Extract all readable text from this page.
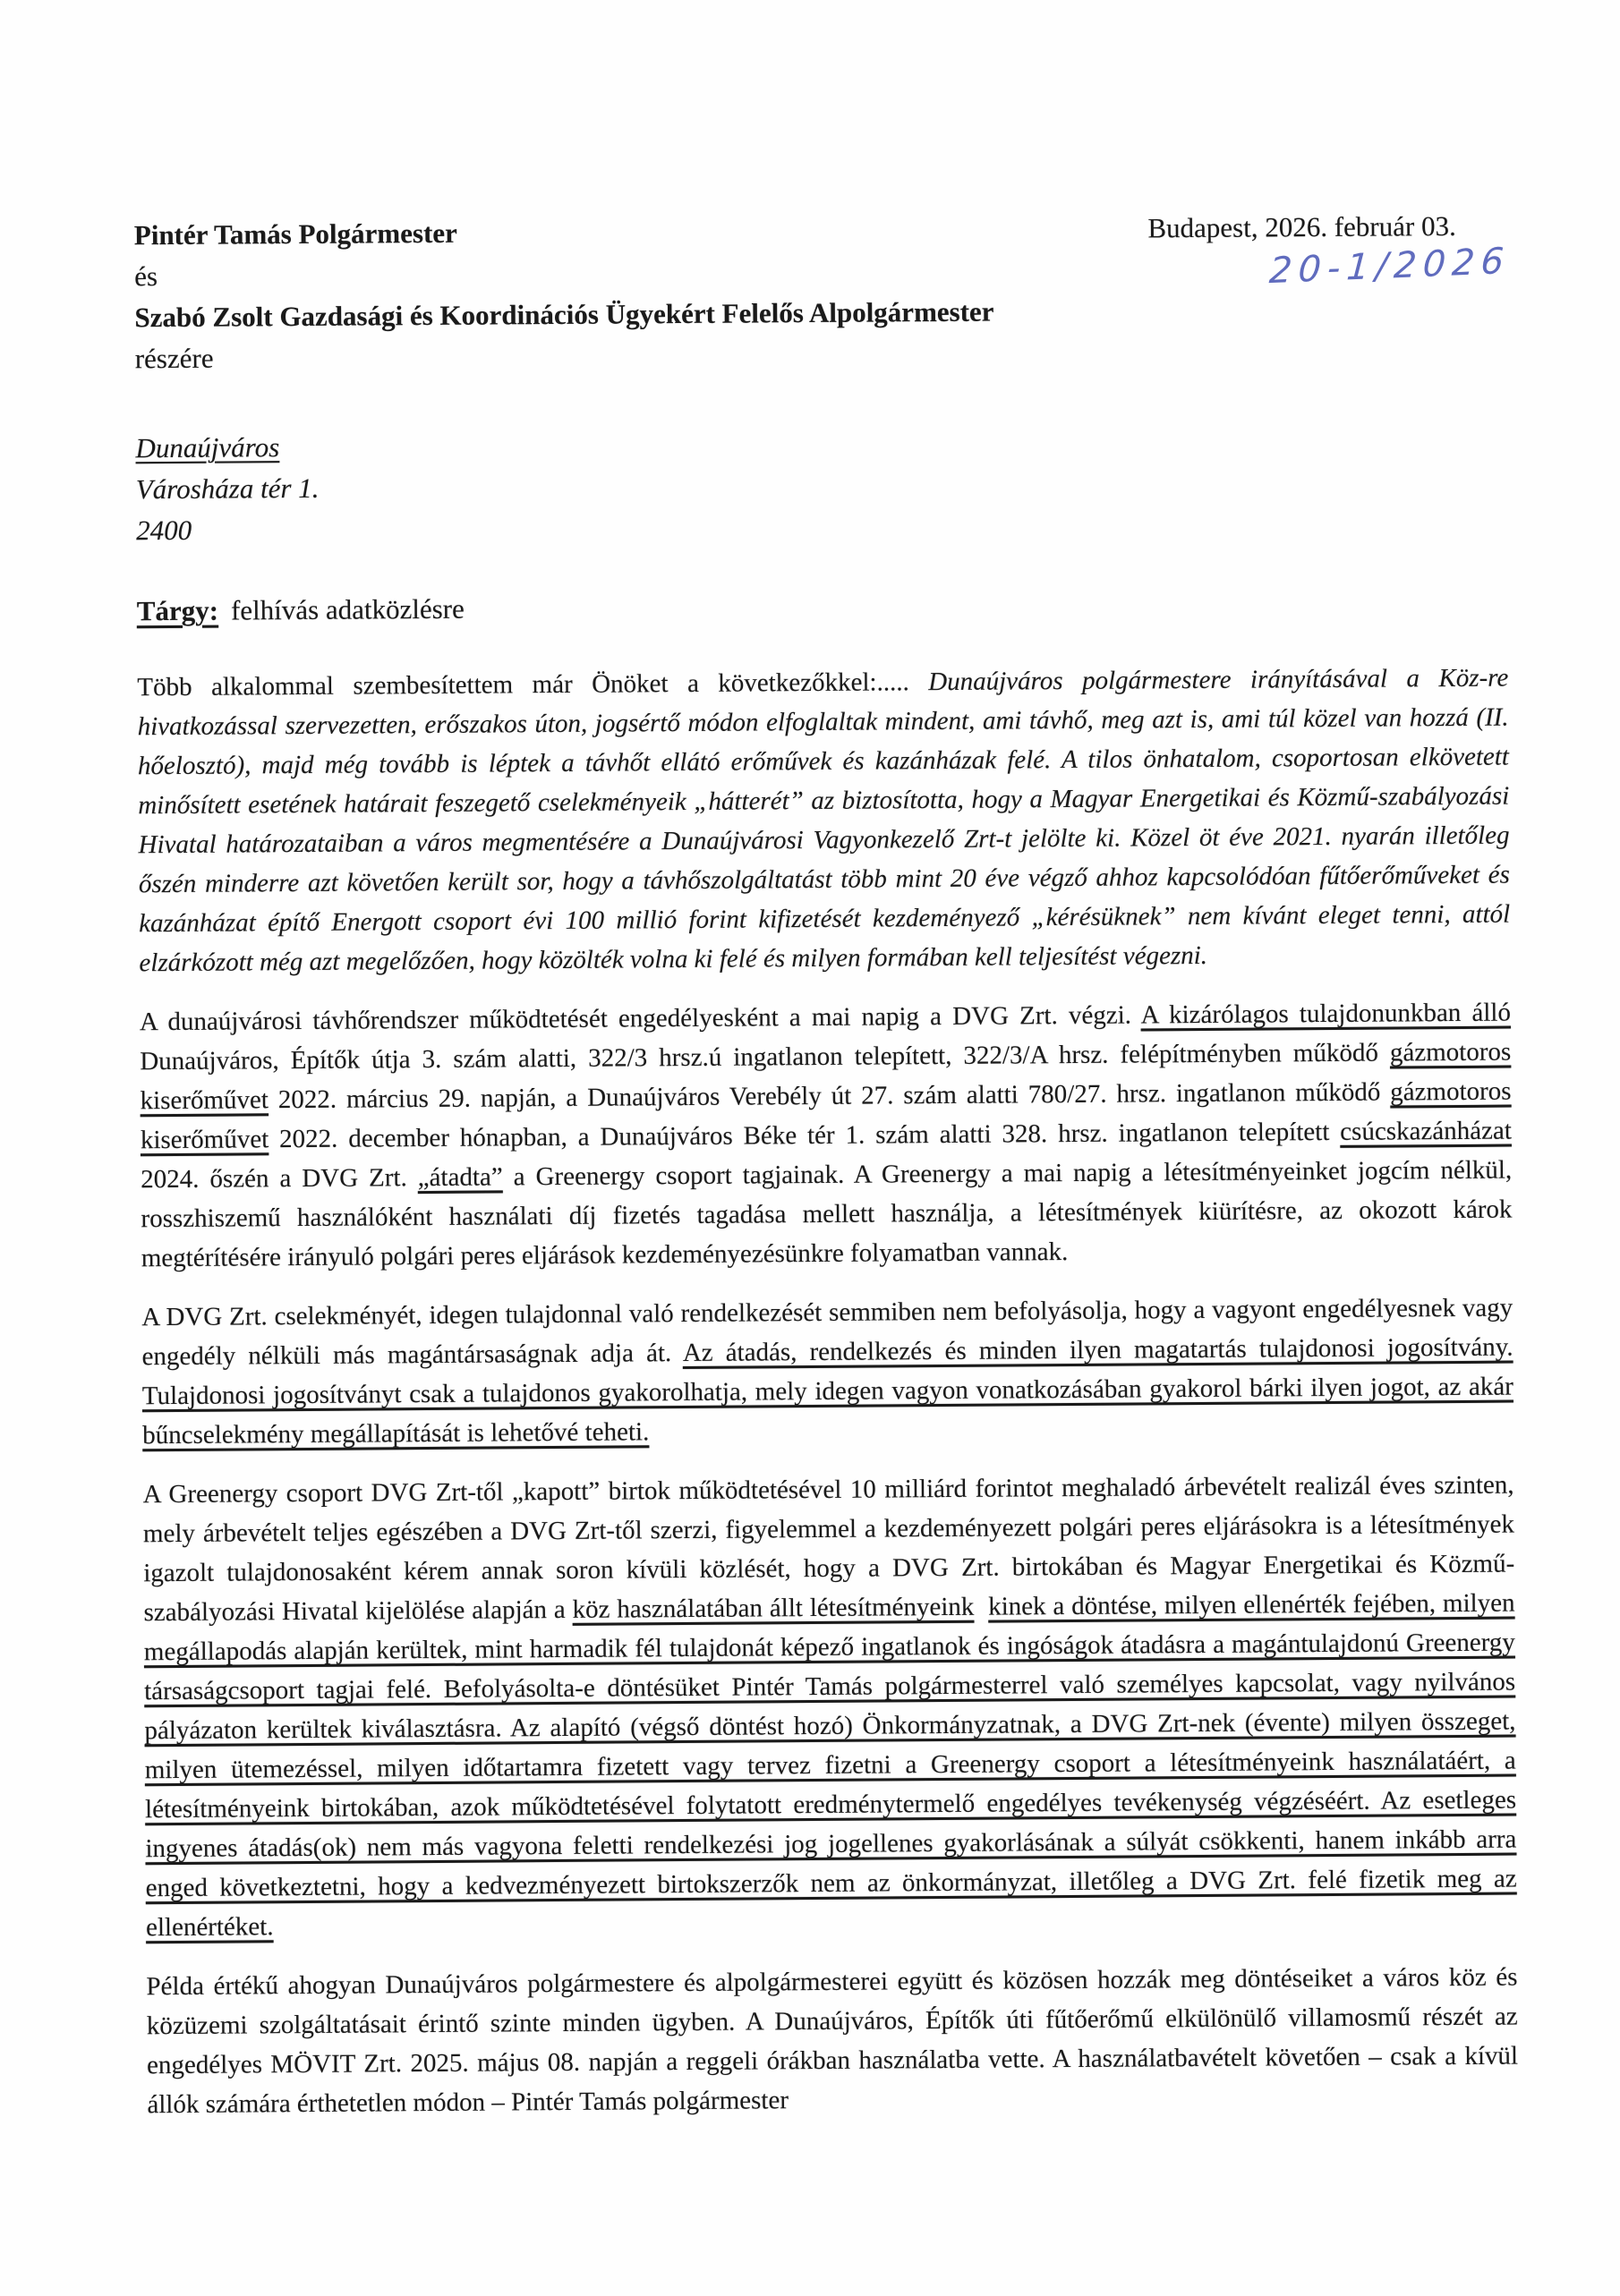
Pintér Tamás Polgármester
és
Szabó Zsolt Gazdasági és Koordinációs Ügyekért Felelős Alpolgármester
részére
Budapest, 2026. február 03.
20-1/2026
Dunaújváros
Városháza tér 1.
2400
Tárgy: felhívás adatközlésre

Több alkalommal szembesítettem már Önöket a következőkkel:..... Dunaújváros polgármestere irányításával a Köz-re hivatkozással szervezetten, erőszakos úton, jogsértő módon elfoglaltak mindent, ami távhő, meg azt is, ami túl közel van hozzá (II. hőelosztó), majd még tovább is léptek a távhőt ellátó erőművek és kazánházak felé. A tilos önhatalom, csoportosan elkövetett minősített esetének határait feszegető cselekményeik „hátterét” az biztosította, hogy a Magyar Energetikai és Közmű-szabályozási Hivatal határozataiban a város megmentésére a Dunaújvárosi Vagyonkezelő Zrt-t jelölte ki. Közel öt éve 2021. nyarán illetőleg őszén minderre azt követően került sor, hogy a távhőszolgáltatást több mint 20 éve végző ahhoz kapcsolódóan fűtőerőműveket és kazánházat építő Energott csoport évi 100 millió forint kifizetését kezdeményező „kérésüknek” nem kívánt eleget tenni, attól elzárkózott még azt megelőzően, hogy közölték volna ki felé és milyen formában kell teljesítést végezni.

A dunaújvárosi távhőrendszer működtetését engedélyesként a mai napig a DVG Zrt. végzi. A kizárólagos tulajdonunkban álló Dunaújváros, Építők útja 3. szám alatti, 322/3 hrsz.ú ingatlanon telepített, 322/3/A hrsz. felépítményben működő gázmotoros kiserőművet 2022. március 29. napján, a Dunaújváros Verebély út 27. szám alatti 780/27. hrsz. ingatlanon működő gázmotoros kiserőművet 2022. december hónapban, a Dunaújváros Béke tér 1. szám alatti 328. hrsz. ingatlanon telepített csúcskazánházat 2024. őszén a DVG Zrt. „átadta” a Greenergy csoport tagjainak. A Greenergy a mai napig a létesítményeinket jogcím nélkül, rosszhiszemű használóként használati díj fizetés tagadása mellett használja, a létesítmények kiürítésre, az okozott károk megtérítésére irányuló polgári peres eljárások kezdeményezésünkre folyamatban vannak.

A DVG Zrt. cselekményét, idegen tulajdonnal való rendelkezését semmiben nem befolyásolja, hogy a vagyont engedélyesnek vagy engedély nélküli más magántársaságnak adja át. Az átadás, rendelkezés és minden ilyen magatartás tulajdonosi jogosítvány. Tulajdonosi jogosítványt csak a tulajdonos gyakorolhatja, mely idegen vagyon vonatkozásában gyakorol bárki ilyen jogot, az akár bűncselekmény megállapítását is lehetővé teheti.

A Greenergy csoport DVG Zrt-től „kapott” birtok működtetésével 10 milliárd forintot meghaladó árbevételt realizál éves szinten, mely árbevételt teljes egészében a DVG Zrt-től szerzi, figyelemmel a kezdeményezett polgári peres eljárásokra is a létesítmények igazolt tulajdonosaként kérem annak soron kívüli közlését, hogy a DVG Zrt. birtokában és Magyar Energetikai és Közmű-szabályozási Hivatal kijelölése alapján a köz használatában állt létesítményeink kinek a döntése, milyen ellenérték fejében, milyen megállapodás alapján kerültek, mint harmadik fél tulajdonát képező ingatlanok és ingóságok átadásra a magántulajdonú Greenergy társaságcsoport tagjai felé. Befolyásolta-e döntésüket Pintér Tamás polgármesterrel való személyes kapcsolat, vagy nyilvános pályázaton kerültek kiválasztásra. Az alapító (végső döntést hozó) Önkormányzatnak, a DVG Zrt-nek (évente) milyen összeget, milyen ütemezéssel, milyen időtartamra fizetett vagy tervez fizetni a Greenergy csoport a létesítményeink használatáért, a létesítményeink birtokában, azok működtetésével folytatott eredménytermelő engedélyes tevékenység végzéséért. Az esetleges ingyenes átadás(ok) nem más vagyona feletti rendelkezési jog jogellenes gyakorlásának a súlyát csökkenti, hanem inkább arra enged következtetni, hogy a kedvezményezett birtokszerzők nem az önkormányzat, illetőleg a DVG Zrt. felé fizetik meg az ellenértéket.

Példa értékű ahogyan Dunaújváros polgármestere és alpolgármesterei együtt és közösen hozzák meg döntéseiket a város köz és közüzemi szolgáltatásait érintő szinte minden ügyben. A Dunaújváros, Építők úti fűtőerőmű elkülönülő villamosmű részét az engedélyes MÖVIT Zrt. 2025. május 08. napján a reggeli órákban használatba vette. A használatbavételt követően – csak a kívül állók számára érthetetlen módon – Pintér Tamás polgármester
